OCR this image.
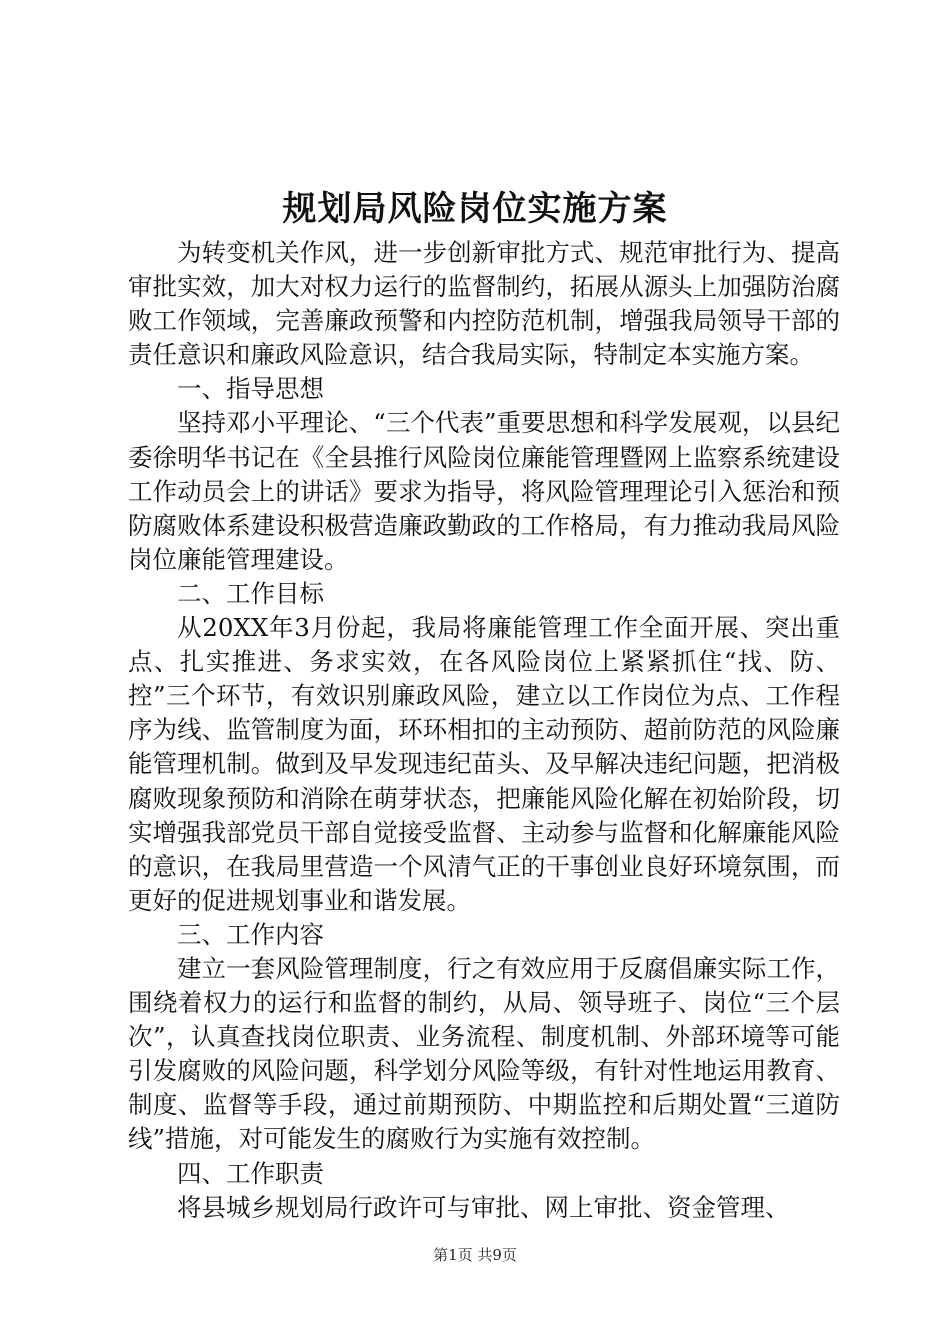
规划局风险岗位实施方案

为转变机关作风，进一步创新审批方式、规范审批行为、提高审批实效，加大对权力运行的监督制约，拓展从源头上加强防治腐败工作领域，完善廉政预警和内控防范机制，增强我局领导干部的责任意识和廉政风险意识，结合我局实际，特制定本实施方案。

一、指导思想

坚持邓小平理论、“三个代表”重要思想和科学发展观，以县纪委徐明华书记在《全县推行风险岗位廉能管理暨网上监察系统建设工作动员会上的讲话》要求为指导，将风险管理理论引入惩治和预防腐败体系建设积极营造廉政勤政的工作格局，有力推动我局风险岗位廉能管理建设。

二、工作目标

从20XX年3月份起，我局将廉能管理工作全面开展、突出重点、扎实推进、务求实效，在各风险岗位上紧紧抓住“找、防、控”三个环节，有效识别廉政风险，建立以工作岗位为点、工作程序为线、监管制度为面，环环相扣的主动预防、超前防范的风险廉能管理机制。做到及早发现违纪苗头、及早解决违纪问题，把消极腐败现象预防和消除在萌芽状态，把廉能风险化解在初始阶段，切实增强我部党员干部自觉接受监督、主动参与监督和化解廉能风险的意识，在我局里营造一个风清气正的干事创业良好环境氛围，而更好的促进规划事业和谐发展。

三、工作内容

建立一套风险管理制度，行之有效应用于反腐倡廉实际工作，围绕着权力的运行和监督的制约，从局、领导班子、岗位“三个层次”，认真查找岗位职责、业务流程、制度机制、外部环境等可能引发腐败的风险问题，科学划分风险等级，有针对性地运用教育、制度、监督等手段，通过前期预防、中期监控和后期处置“三道防线”措施，对可能发生的腐败行为实施有效控制。

四、工作职责

将县城乡规划局行政许可与审批、网上审批、资金管理、

第1页 共9页
